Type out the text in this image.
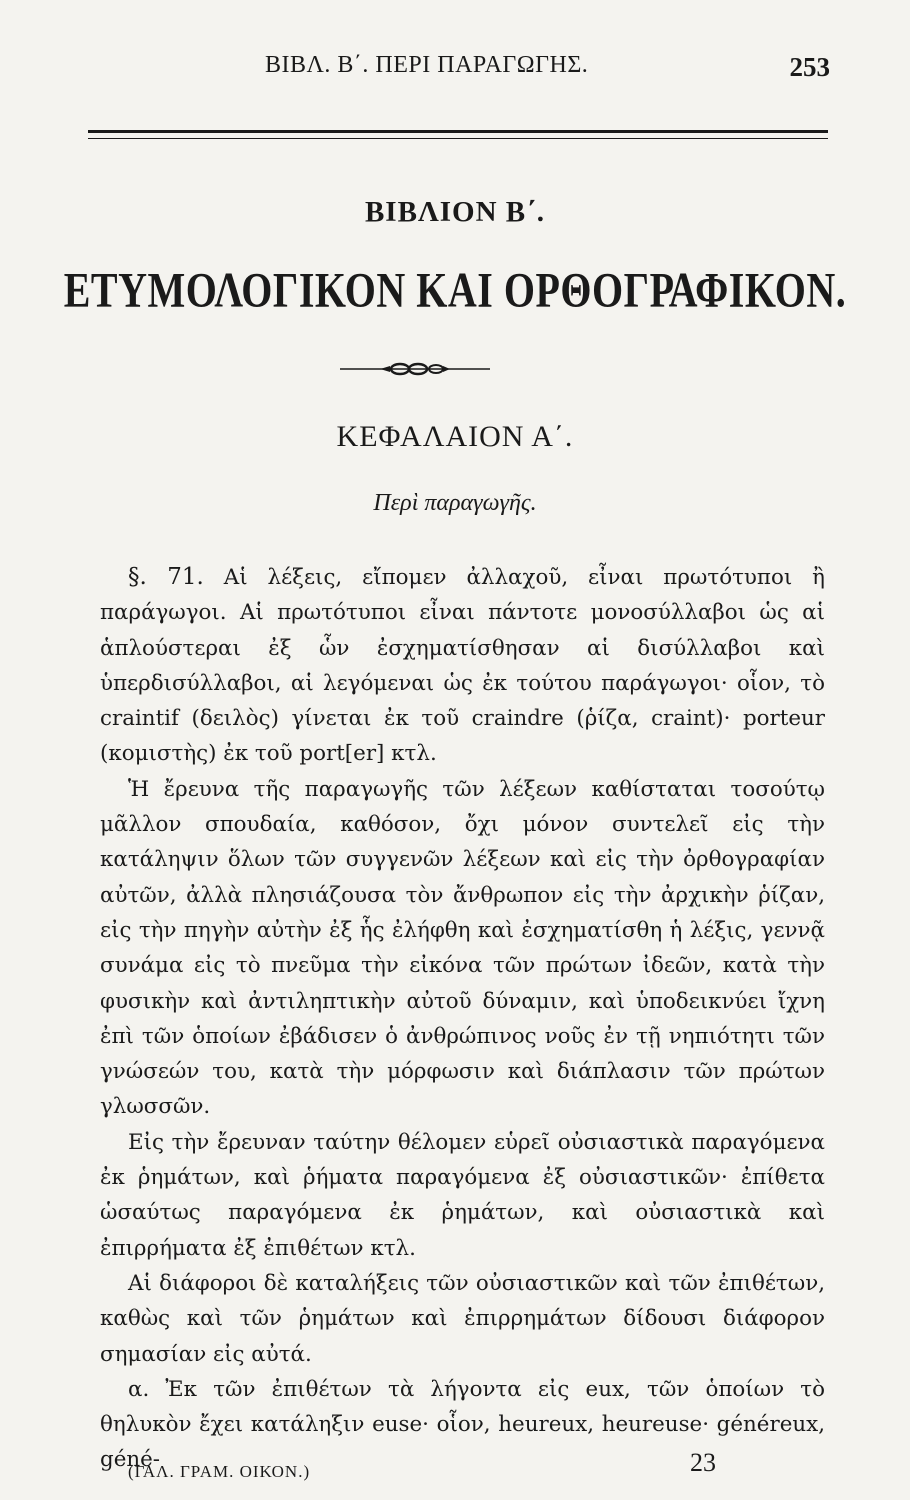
ΒΙΒΛ. Β΄. ΠΕΡΙ ΠΑΡΑΓΩΓΗΣ.	253
ΒΙΒΛΙΟΝ Β΄.
ΕΤΥΜΟΛΟΓΙΚΟΝ ΚΑΙ ΟΡΘΟΓΡΑΦΙΚΟΝ.
ΚΕΦΑΛΑΙΟΝ Α΄.
Περὶ παραγωγῆς.

§. 71. Αἱ λέξεις, εἴπομεν ἀλλαχοῦ, εἶναι πρωτότυποι ἢ παράγωγοι. Αἱ πρωτότυποι εἶναι πάντοτε μονοσύλλαβοι ὡς αἱ ἁπλούστεραι ἐξ ὧν ἐσχηματίσθησαν αἱ δισύλλαβοι καὶ ὑπερδισύλλαβοι, αἱ λεγόμεναι ὡς ἐκ τούτου παράγωγοι· οἷον, τὸ craintif (δειλὸς) γίνεται ἐκ τοῦ craindre (ῥίζα, craint)· porteur (κομιστὴς) ἐκ τοῦ port[er] κτλ.

Ἡ ἔρευνα τῆς παραγωγῆς τῶν λέξεων καθίσταται τοσούτῳ μᾶλλον σπουδαία, καθόσον, ὄχι μόνον συντελεῖ εἰς τὴν κατάληψιν ὅλων τῶν συγγενῶν λέξεων καὶ εἰς τὴν ὀρθογραφίαν αὐτῶν, ἀλλὰ πλησιάζουσα τὸν ἄνθρωπον εἰς τὴν ἀρχικὴν ῥίζαν, εἰς τὴν πηγὴν αὐτὴν ἐξ ἧς ἐλήφθη καὶ ἐσχηματίσθη ἡ λέξις, γεννᾷ συνάμα εἰς τὸ πνεῦμα τὴν εἰκόνα τῶν πρώτων ἰδεῶν, κατὰ τὴν φυσικὴν καὶ ἀντιληπτικὴν αὐτοῦ δύναμιν, καὶ ὑποδεικνύει ἴχνη ἐπὶ τῶν ὁποίων ἐβάδισεν ὁ ἀνθρώπινος νοῦς ἐν τῇ νηπιότητι τῶν γνώσεών του, κατὰ τὴν μόρφωσιν καὶ διάπλασιν τῶν πρώτων γλωσσῶν.

Εἰς τὴν ἔρευναν ταύτην θέλομεν εὑρεῖ οὐσιαστικὰ παραγόμενα ἐκ ῥημάτων, καὶ ῥήματα παραγόμενα ἐξ οὐσιαστικῶν· ἐπίθετα ὡσαύτως παραγόμενα ἐκ ῥημάτων, καὶ οὐσιαστικὰ καὶ ἐπιρρήματα ἐξ ἐπιθέτων κτλ.

Αἱ διάφοροι δὲ καταλήξεις τῶν οὐσιαστικῶν καὶ τῶν ἐπιθέτων, καθὼς καὶ τῶν ῥημάτων καὶ ἐπιρρημάτων δίδουσι διάφορον σημασίαν εἰς αὐτά.

α. Ἐκ τῶν ἐπιθέτων τὰ λήγοντα εἰς eux, τῶν ὁποίων τὸ θηλυκὸν ἔχει κατάληξιν euse· οἷον, heureux, heureuse· généreux, géné-

(ΓΑΛ. ΓΡΑΜ. ΟΙΚΟΝ.)	23
